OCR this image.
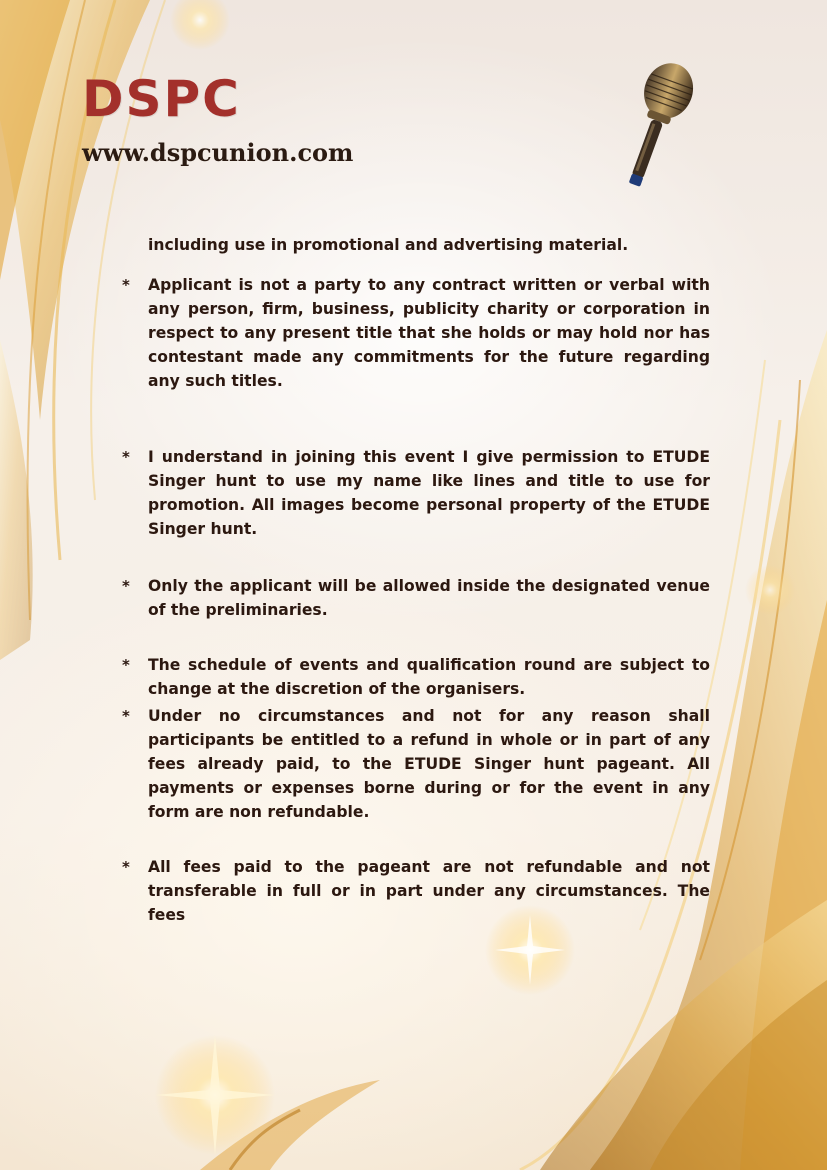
DSPC
www.dspcunion.com

including use in promotional and advertising material.

* Applicant is not a party to any contract written or verbal with any person, firm, business, publicity charity or corporation in respect to any present title that she holds or may hold nor has contestant made any commitments for the future regarding any such titles.

* I understand in joining this event I give permission to ETUDE Singer hunt to use my name like lines and title to use for promotion. All images become personal property of the ETUDE Singer hunt.

* Only the applicant will be allowed inside the designated venue of the preliminaries.

* The schedule of events and qualification round are subject to change at the discretion of the organisers.

* Under no circumstances and not for any reason shall participants be entitled to a refund in whole or in part of any fees already paid, to the ETUDE Singer hunt pageant. All payments or expenses borne during or for the event in any form are non refundable.

* All fees paid to the pageant are not refundable and not transferable in full or in part under any circumstances. The fees
